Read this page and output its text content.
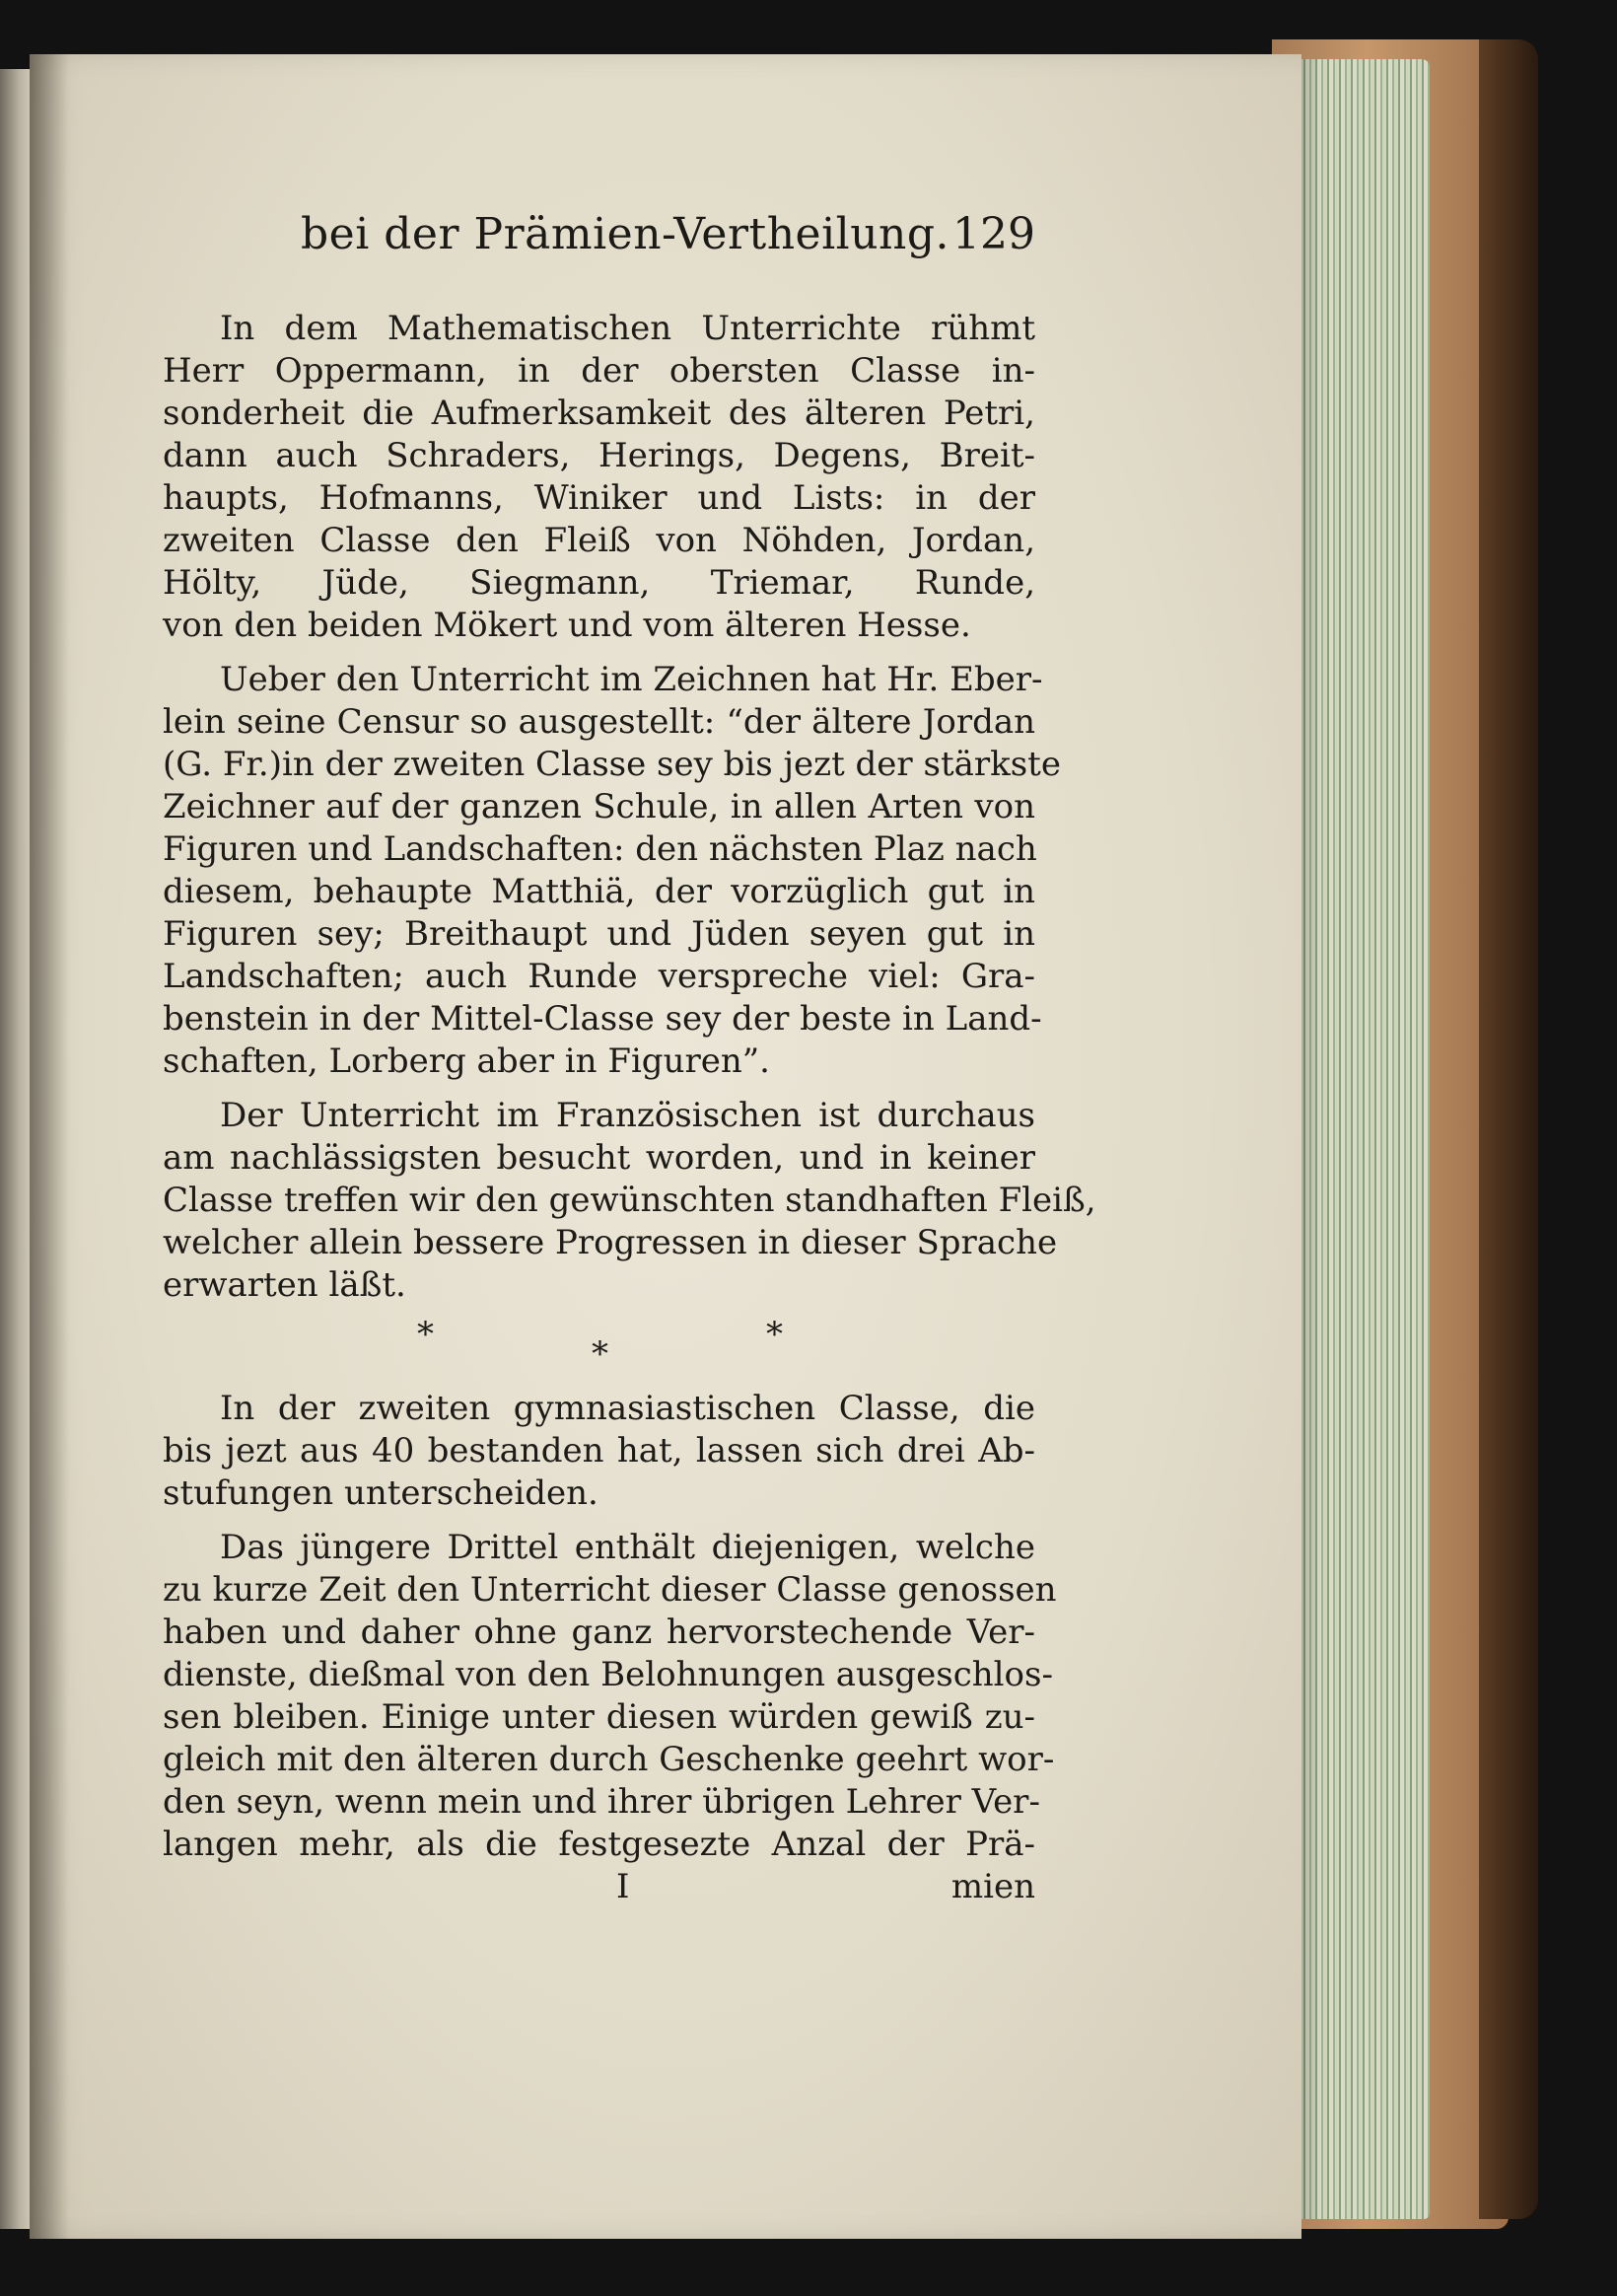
bei der Prämien-Vertheilung. 129
In dem Mathematischen Unterrichte rühmt
Herr Oppermann, in der obersten Classe in-
sonderheit die Aufmerksamkeit des älteren Petri,
dann auch Schraders, Herings, Degens, Breit-
haupts, Hofmanns, Winiker und Lists: in der
zweiten Classe den Fleiß von Nöhden, Jordan,
Hölty, Jüde, Siegmann, Triemar, Runde,
von den beiden Mökert und vom älteren Hesse.
Ueber den Unterricht im Zeichnen hat Hr. Eber-
lein seine Censur so ausgestellt: “der ältere Jordan
(G. Fr.)in der zweiten Classe sey bis jezt der stärkste
Zeichner auf der ganzen Schule, in allen Arten von
Figuren und Landschaften: den nächsten Plaz nach
diesem, behaupte Matthiä, der vorzüglich gut in
Figuren sey; Breithaupt und Jüden seyen gut in
Landschaften; auch Runde verspreche viel: Gra-
benstein in der Mittel-Classe sey der beste in Land-
schaften, Lorberg aber in Figuren”.
Der Unterricht im Französischen ist durchaus
am nachlässigsten besucht worden, und in keiner
Classe treffen wir den gewünschten standhaften Fleiß,
welcher allein bessere Progressen in dieser Sprache
erwarten läßt.
*	*	*
In der zweiten gymnasiastischen Classe, die
bis jezt aus 40 bestanden hat, lassen sich drei Ab-
stufungen unterscheiden.
Das jüngere Drittel enthält diejenigen, welche
zu kurze Zeit den Unterricht dieser Classe genossen
haben und daher ohne ganz hervorstechende Ver-
dienste, dießmal von den Belohnungen ausgeschlos-
sen bleiben. Einige unter diesen würden gewiß zu-
gleich mit den älteren durch Geschenke geehrt wor-
den seyn, wenn mein und ihrer übrigen Lehrer Ver-
langen mehr, als die festgesezte Anzal der Prä-
I	mien
